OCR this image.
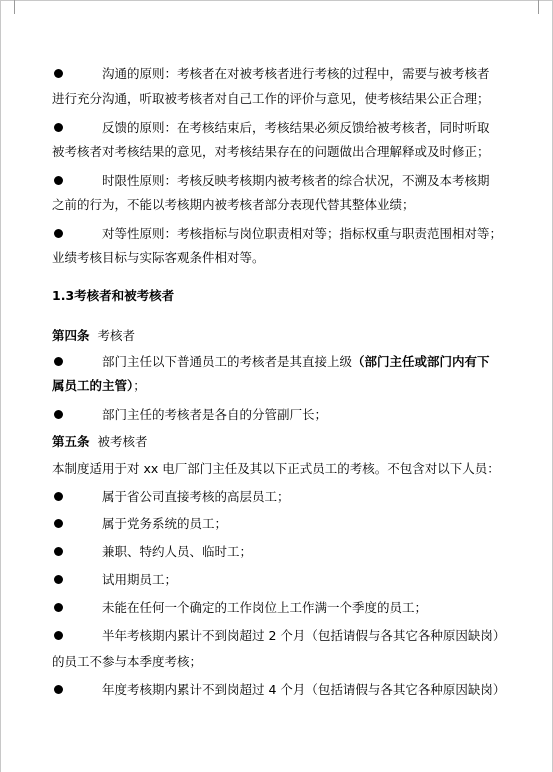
沟通的原则：考核者在对被考核者进行考核的过程中，需要与被考核者
进行充分沟通，听取被考核者对自己工作的评价与意见，使考核结果公正合理；
反馈的原则：在考核结束后，考核结果必须反馈给被考核者，同时听取
被考核者对考核结果的意见，对考核结果存在的问题做出合理解释或及时修正；
时限性原则：考核反映考核期内被考核者的综合状况，不溯及本考核期
之前的行为，不能以考核期内被考核者部分表现代替其整体业绩；
对等性原则：考核指标与岗位职责相对等；指标权重与职责范围相对等；
业绩考核目标与实际客观条件相对等。
1.3考核者和被考核者
第四条 考核者
部门主任以下普通员工的考核者是其直接上级（部门主任或部门内有下
属员工的主管）；
部门主任的考核者是各自的分管副厂长；
第五条 被考核者
本制度适用于对 xx 电厂部门主任及其以下正式员工的考核。不包含对以下人员：
属于省公司直接考核的高层员工；
属于党务系统的员工；
兼职、特约人员、临时工；
试用期员工；
未能在任何一个确定的工作岗位上工作满一个季度的员工；
半年考核期内累计不到岗超过 2 个月（包括请假与各其它各种原因缺岗）
的员工不参与本季度考核；
年度考核期内累计不到岗超过 4 个月（包括请假与各其它各种原因缺岗）
